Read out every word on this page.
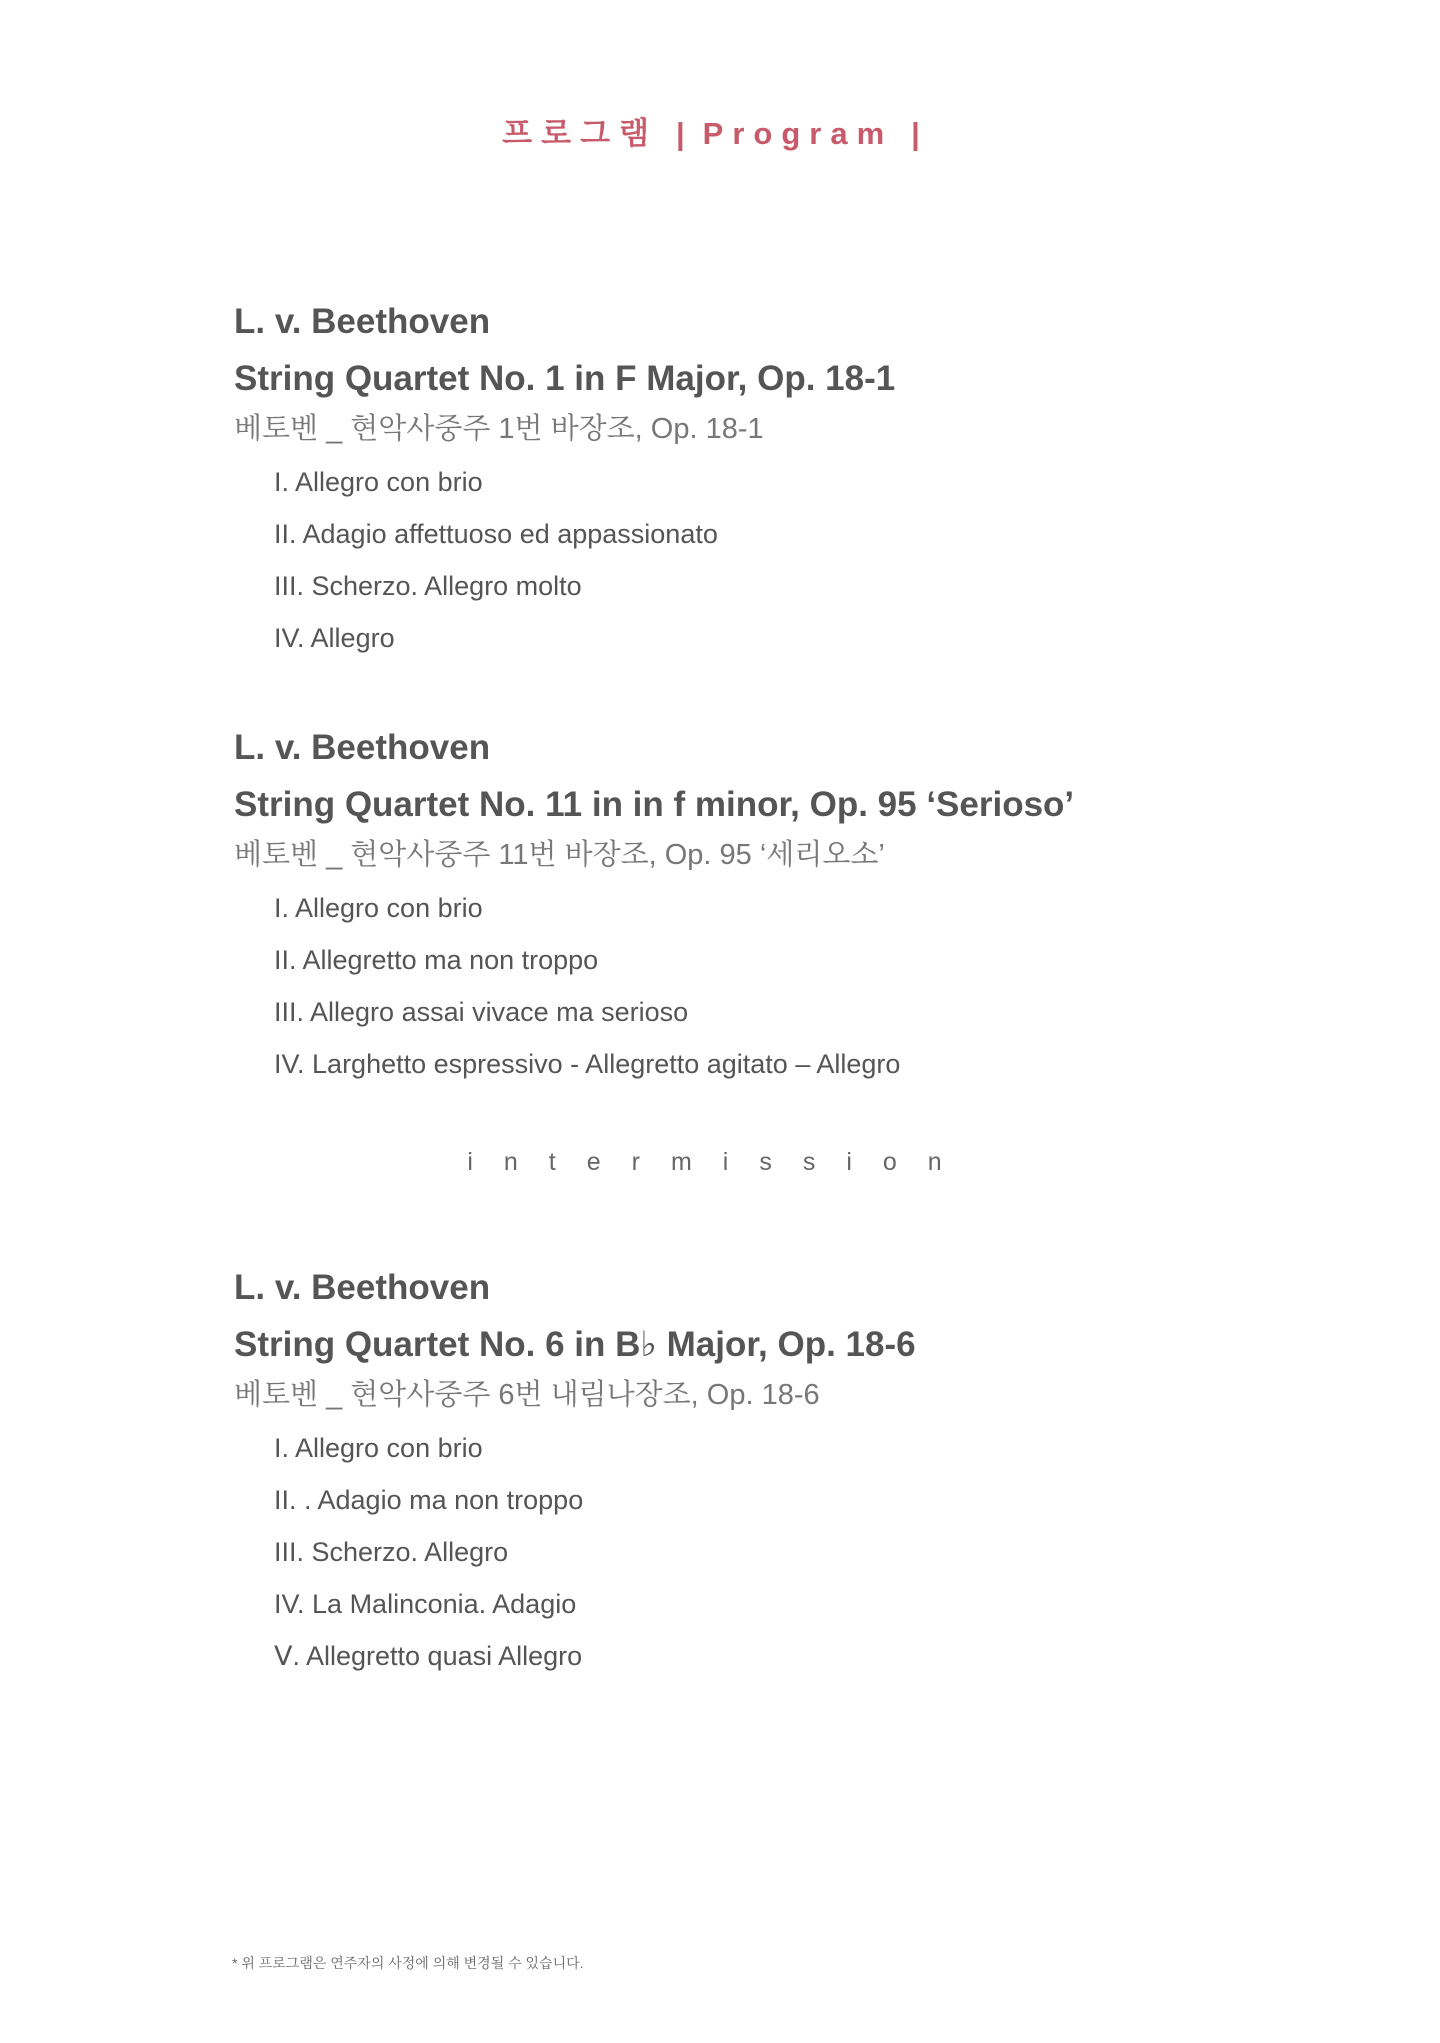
프로그램 | Program |

L. v. Beethoven

String Quartet No. 1 in F Major, Op. 18-1

베토벤 _ 현악사중주 1번 바장조, Op. 18-1

I. Allegro con brio
II. Adagio affettuoso ed appassionato
III. Scherzo. Allegro molto
IV. Allegro

L. v. Beethoven

String Quartet No. 11 in in f minor, Op. 95 ‘Serioso’

베토벤 _ 현악사중주 11번 바장조, Op. 95 ‘세리오소’

I. Allegro con brio
II. Allegretto ma non troppo
III. Allegro assai vivace ma serioso
IV. Larghetto espressivo - Allegretto agitato – Allegro
intermission

L. v. Beethoven

String Quartet No. 6 in B♭ Major, Op. 18-6

베토벤 _ 현악사중주 6번 내림나장조, Op. 18-6

I. Allegro con brio
II. . Adagio ma non troppo
III. Scherzo. Allegro
IV. La Malinconia. Adagio
Ⅴ. Allegretto quasi Allegro
* 위 프로그램은 연주자의 사정에 의해 변경될 수 있습니다.
